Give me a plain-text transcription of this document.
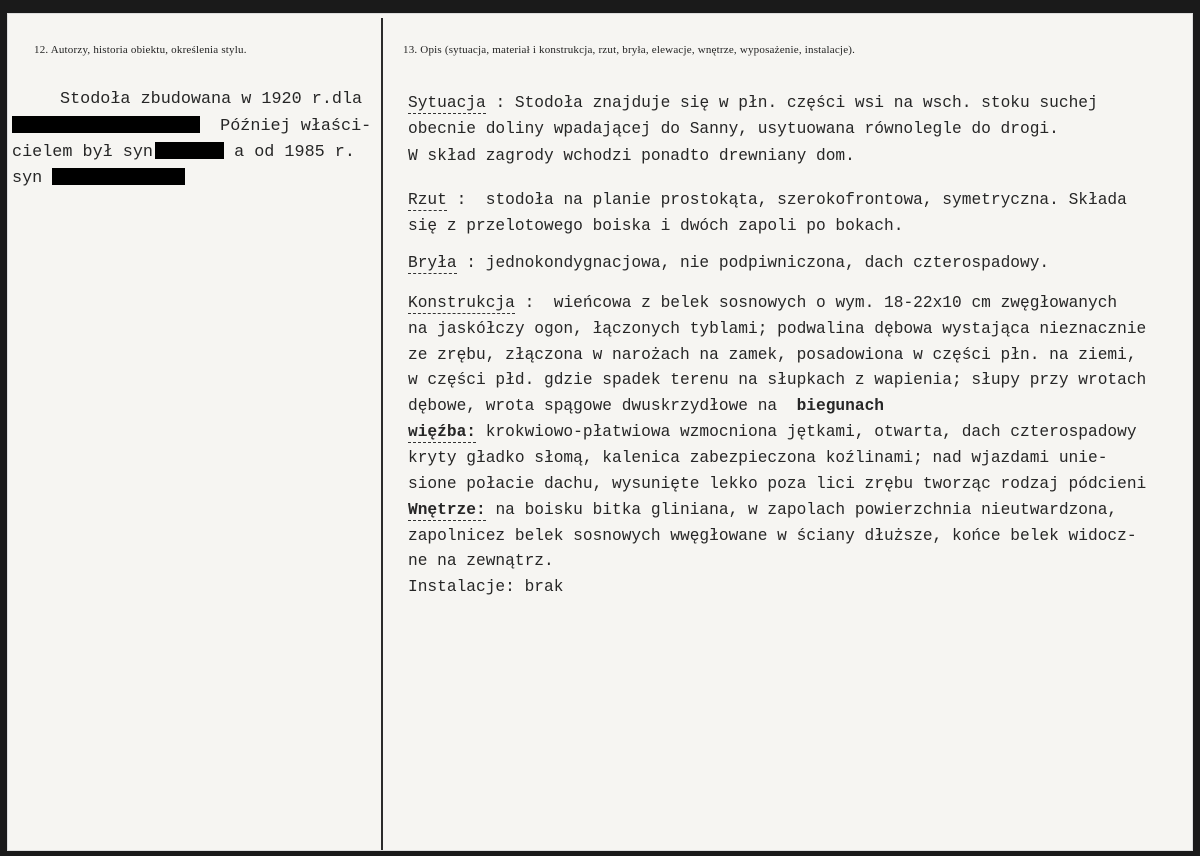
12. Autorzy, historia obiektu, określenia stylu.	13. Opis (sytuacja, materiał i konstrukcja, rzut, bryła, elewacje, wnętrze, wyposażenie, instalacje).
Stodoła zbudowana w 1920 r.dla
Później właści-
cielem był syn	a od 1985 r.
syn
Sytuacja : Stodoła znajduje się w płn. części wsi na wsch. stoku suchej
obecnie doliny wpadającej do Sanny, usytuowana równolegle do drogi.
W skład zagrody wchodzi ponadto drewniany dom.
Rzut : stodoła na planie prostokąta, szerokofrontowa, symetryczna. Składa
się z przelotowego boiska i dwóch zapoli po bokach.
Bryła : jednokondygnacjowa, nie podpiwniczona, dach czterospadowy.
Konstrukcja : wieńcowa z belek sosnowych o wym. 18-22x10 cm zwęgłowanych
na jaskółczy ogon, łączonych tyblami; podwalina dębowa wystająca nieznacznie
ze zrębu, złączona w narożach na zamek, posadowiona w części płn. na ziemi,
w części płd. gdzie spadek terenu na słupkach z wapienia; słupy przy wrotach
dębowe, wrota spągowe dwuskrzydłowe na biegunach
więźba: krokwiowo-płatwiowa wzmocniona jętkami, otwarta, dach czterospadowy
kryty gładko słomą, kalenica zabezpieczona koźlinami; nad wjazdami unie-
sione połacie dachu, wysunięte lekko poza lici zrębu tworząc rodzaj pódcieni
Wnętrze: na boisku bitka gliniana, w zapolach powierzchnia nieutwardzona,
zapolnicez belek sosnowych wwęgłowane w ściany dłuższe, końce belek widocz-
ne na zewnątrz.
Instalacje: brak
